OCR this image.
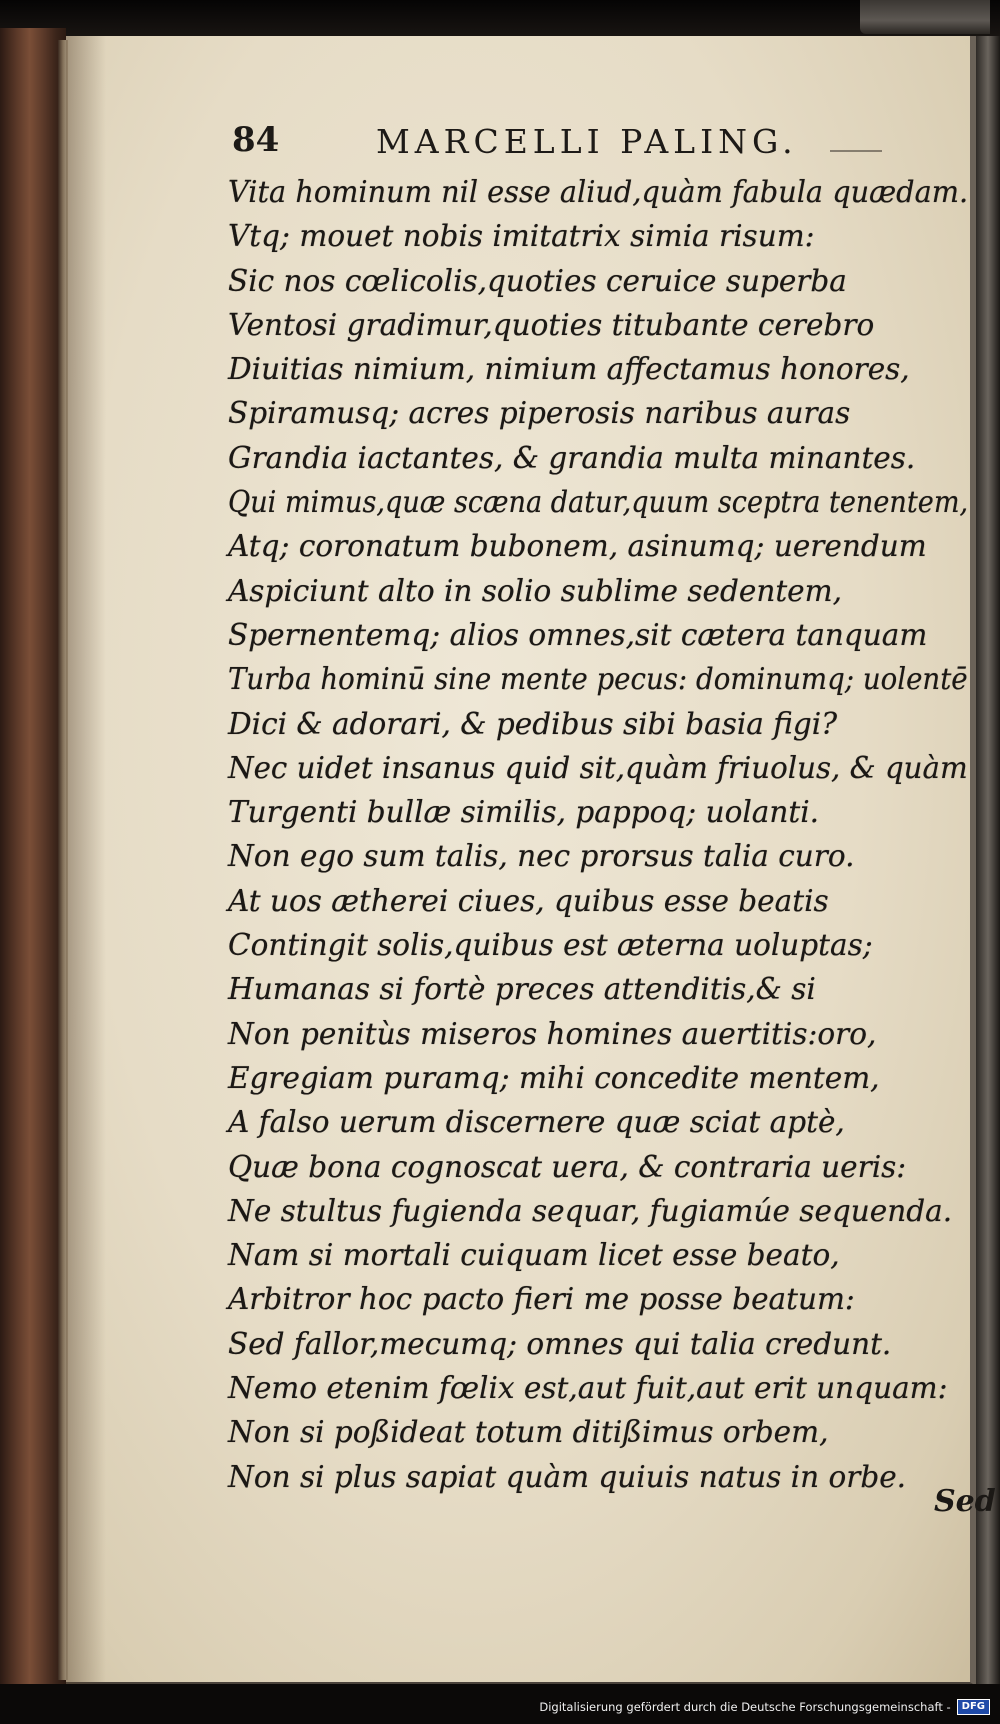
84	MARCELLI PALING.
Vita hominum nil esse aliud,quàm fabula quædam.
Vtq; mouet nobis imitatrix simia risum:
Sic nos cœlicolis,quoties ceruice superba
Ventosi gradimur,quoties titubante cerebro
Diuitias nimium, nimium affectamus honores,
Spiramusq; acres piperosis naribus auras
Grandia iactantes, & grandia multa minantes.
Qui mimus,quæ scæna datur,quum sceptra tenentem,
Atq; coronatum bubonem, asinumq; uerendum
Aspiciunt alto in solio sublime sedentem,
Spernentemq; alios omnes,sit cætera tanquam
Turba hominū sine mente pecus: dominumq; uolentē
Dici & adorari, & pedibus sibi basia figi?
Nec uidet insanus quid sit,quàm friuolus, & quàm
Turgenti bullæ similis, pappoq; uolanti.
Non ego sum talis, nec prorsus talia curo.
At uos ætherei ciues, quibus esse beatis
Contingit solis,quibus est æterna uoluptas;
Humanas si fortè preces attenditis,& si
Non penitùs miseros homines auertitis:oro,
Egregiam puramq; mihi concedite mentem,
A falso uerum discernere quæ sciat aptè,
Quæ bona cognoscat uera, & contraria ueris:
Ne stultus fugienda sequar, fugiamúe sequenda.
Nam si mortali cuiquam licet esse beato,
Arbitror hoc pacto fieri me posse beatum:
Sed fallor,mecumq; omnes qui talia credunt.
Nemo etenim fœlix est,aut fuit,aut erit unquam:
Non si poßideat totum ditißimus orbem,
Non si plus sapiat quàm quiuis natus in orbe.
Sed
Digitalisierung gefördert durch die Deutsche Forschungsgemeinschaft -	DFG
